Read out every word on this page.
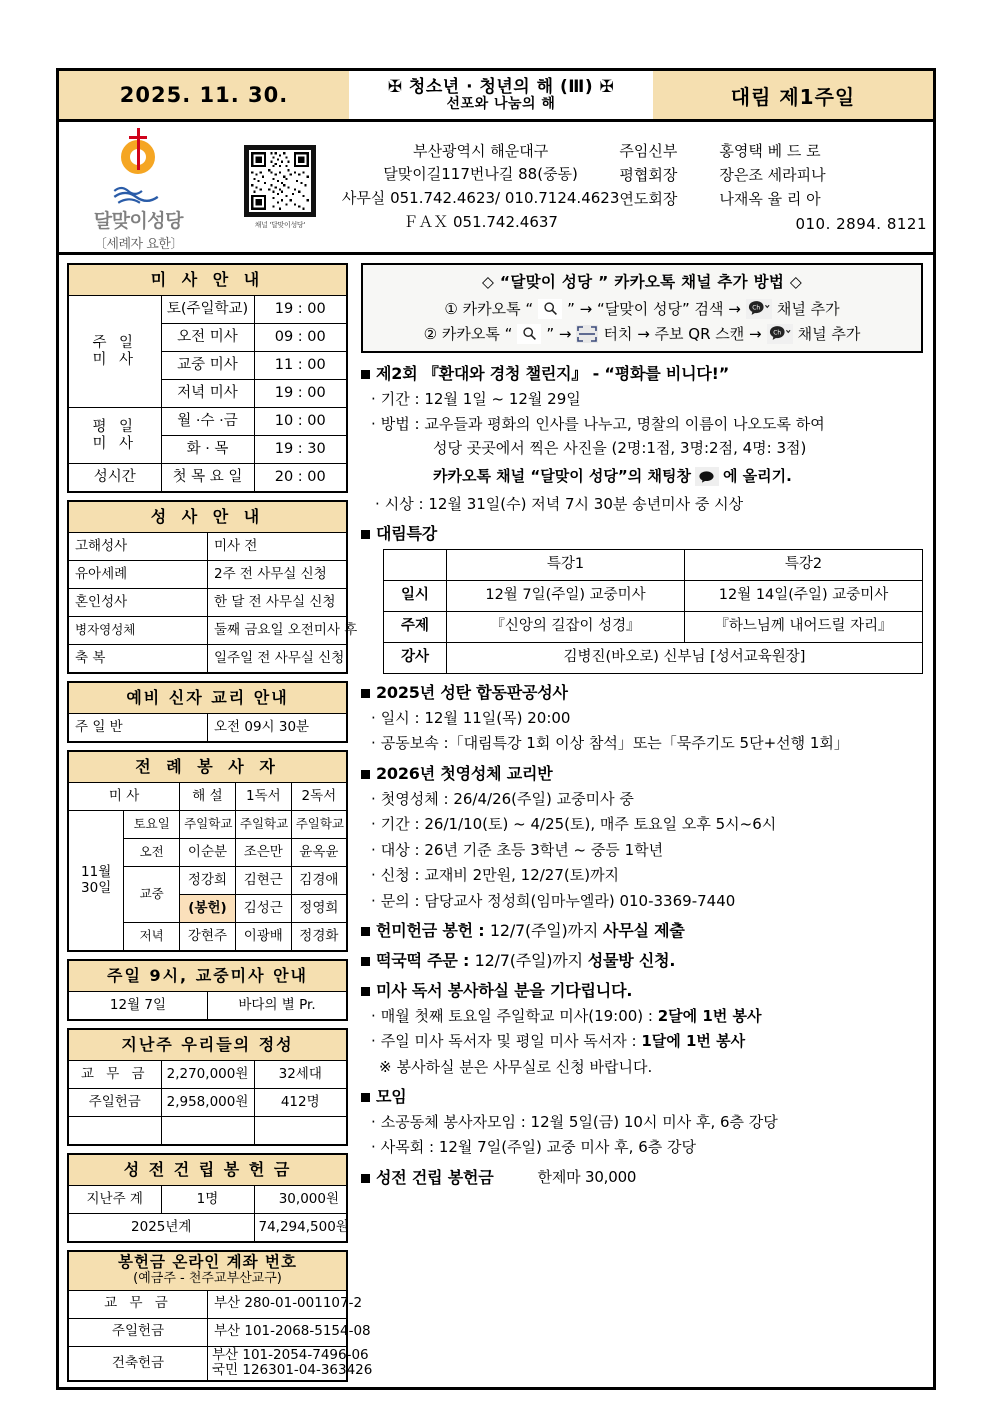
2025. 11. 30.	✠ 청소년 · 청년의 해 (Ⅲ) ✠
선포와 나눔의 해	대림 제1주일
달맞이성당
〔세례자 요한〕
채널 '달맞이성당'
부산광역시 해운대구
달맞이길117번나길 88(중동)
사무실 051.742.4623/ 010.7124.4623
ＦＡＸ 051.742.4637
주임신부	홍영택 베 드 로
평협회장	장은조 세라피나
연도회장	나재옥 율 리 아
010. 2894. 8121
미 사 안 내		

주 일
미 사	토(주일학교)	19 : 00
	오전 미사	09 : 00
	교중 미사	11 : 00
	저녁 미사	19 : 00

평 일
미 사	월 ·수 ·금	10 : 00
	화 · 목	19 : 30
성시간	첫 목 요 일	20 : 00
성 사 안 내	
고해성사	미사 전
유아세례	2주 전 사무실 신청
혼인성사	한 달 전 사무실 신청
병자영성체	둘째 금요일 오전미사 후
축 복	일주일 전 사무실 신청
예비 신자 교리 안내
주 일 반	오전 09시 30분
전 례 봉 사 자				
미 사		해 설	1독서	2독서

11월
30일	토요일	주일학교	주일학교	주일학교
	오전	이순분	조은만	윤옥윤
	교중	정강희	김현근	김경애
		(봉헌)	김성근	정영희
	저녁	강현주	이광배	정경화
주일 9시, 교중미사 안내
12월 7일	바다의 별 Pr.
지난주 우리들의 정성		
교 무 금	2,270,000원	32세대
주일헌금	2,958,000원	412명

성 전 건 립 봉 헌 금		
지난주 계	1명	30,000원
2025년계		74,294,500원
봉헌금 온라인 계좌 번호
(예금주 - 천주교부산교구)	

교 무 금	부산 280-01-001107-2
주일헌금	부산 101-2068-5154-08
건축헌금	부산 101-2054-7496-06
국민 126301-04-363426
◇ “달맞이 성당 ” 카카오톡 채널 추가 방법 ◇
① 카카오톡 “ ” → “달맞이 성당” 검색 → Ch 채널 추가
② 카카오톡 “ ” → 터치 → 주보 QR 스캔 → Ch 채널 추가
제2회 『환대와 경청 챌린지』 - “평화를 비니다!”
· 기간 : 12월 1일 ~ 12월 29일
· 방법 : 교우들과 평화의 인사를 나누고, 명찰의 이름이 나오도록 하여
성당 곳곳에서 찍은 사진을 (2명:1점, 3명:2점, 4명: 3점)
카카오톡 채널 “달맞이 성당”의 채팅창 에 올리기.
· 시상 : 12월 31일(수) 저녁 7시 30분 송년미사 중 시상
대림특강
	특강1	특강2
일시	12월 7일(주일) 교중미사	12월 14일(주일) 교중미사
주제	『신앙의 길잡이 성경』	『하느님께 내어드릴 자리』
강사	김병진(바오로) 신부님 [성서교육원장]	
2025년 성탄 합동판공성사
· 일시 : 12월 11일(목) 20:00
· 공동보속 :「대림특강 1회 이상 참석」또는「묵주기도 5단+선행 1회」
2026년 첫영성체 교리반
· 첫영성체 : 26/4/26(주일) 교중미사 중
· 기간 : 26/1/10(토) ~ 4/25(토), 매주 토요일 오후 5시~6시
· 대상 : 26년 기준 초등 3학년 ~ 중등 1학년
· 신청 : 교재비 2만원, 12/27(토)까지
· 문의 : 담당교사 정성희(임마누엘라) 010-3369-7440
헌미헌금 봉헌 : 12/7(주일)까지 사무실 제출
떡국떡 주문 : 12/7(주일)까지 성물방 신청.
미사 독서 봉사하실 분을 기다립니다.
· 매월 첫째 토요일 주일학교 미사(19:00) : 2달에 1번 봉사
· 주일 미사 독서자 및 평일 미사 독서자 : 1달에 1번 봉사
※ 봉사하실 분은 사무실로 신청 바랍니다.
모임
· 소공동체 봉사자모임 : 12월 5일(금) 10시 미사 후, 6층 강당
· 사목회 : 12월 7일(주일) 교중 미사 후, 6층 강당
성전 건립 봉헌금	한제마 30,000
